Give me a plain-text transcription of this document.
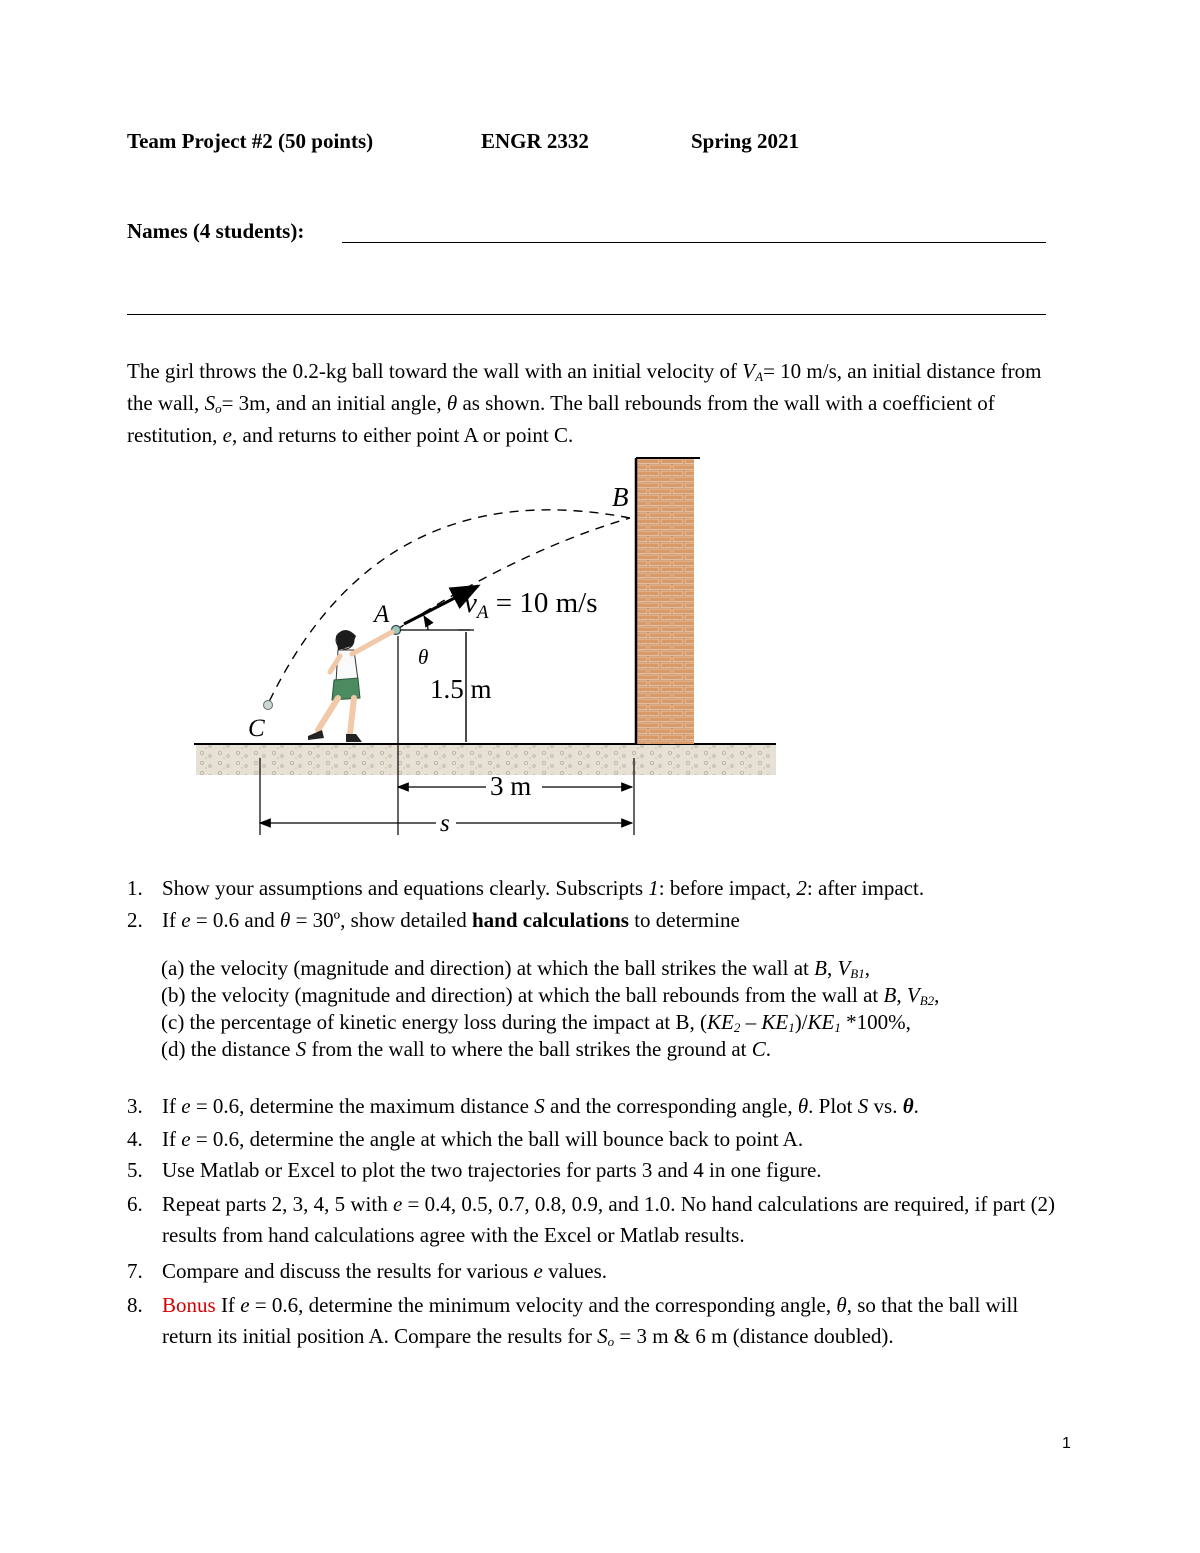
Team Project #2 (50 points)	ENGR 2332	Spring 2021
Names (4 students):
The girl throws the 0.2-kg ball toward the wall with an initial velocity of VA= 10 m/s, an initial distance from the wall, So= 3m, and an initial angle, θ as shown. The ball rebounds from the wall with a coefficient of restitution, e, and returns to either point A or point C.
B
A
C
$v_A = 10$ m/s
θ
1.5 m
3 m
s
1. Show your assumptions and equations clearly. Subscripts 1: before impact, 2: after impact.
2. If e = 0.6 and θ = 30º, show detailed hand calculations to determine
(a) the velocity (magnitude and direction) at which the ball strikes the wall at B, VB1,
(b) the velocity (magnitude and direction) at which the ball rebounds from the wall at B, VB2,
(c) the percentage of kinetic energy loss during the impact at B, (KE2 – KE1)/KE1 *100%,
(d) the distance S from the wall to where the ball strikes the ground at C.
3. If e = 0.6, determine the maximum distance S and the corresponding angle, θ. Plot S vs. θ.
4. If e = 0.6, determine the angle at which the ball will bounce back to point A.
5. Use Matlab or Excel to plot the two trajectories for parts 3 and 4 in one figure.
6. Repeat parts 2, 3, 4, 5 with e = 0.4, 0.5, 0.7, 0.8, 0.9, and 1.0. No hand calculations are required, if part (2) results from hand calculations agree with the Excel or Matlab results.
7. Compare and discuss the results for various e values.
8. Bonus If e = 0.6, determine the minimum velocity and the corresponding angle, θ, so that the ball will return its initial position A. Compare the results for So = 3 m & 6 m (distance doubled).
1
